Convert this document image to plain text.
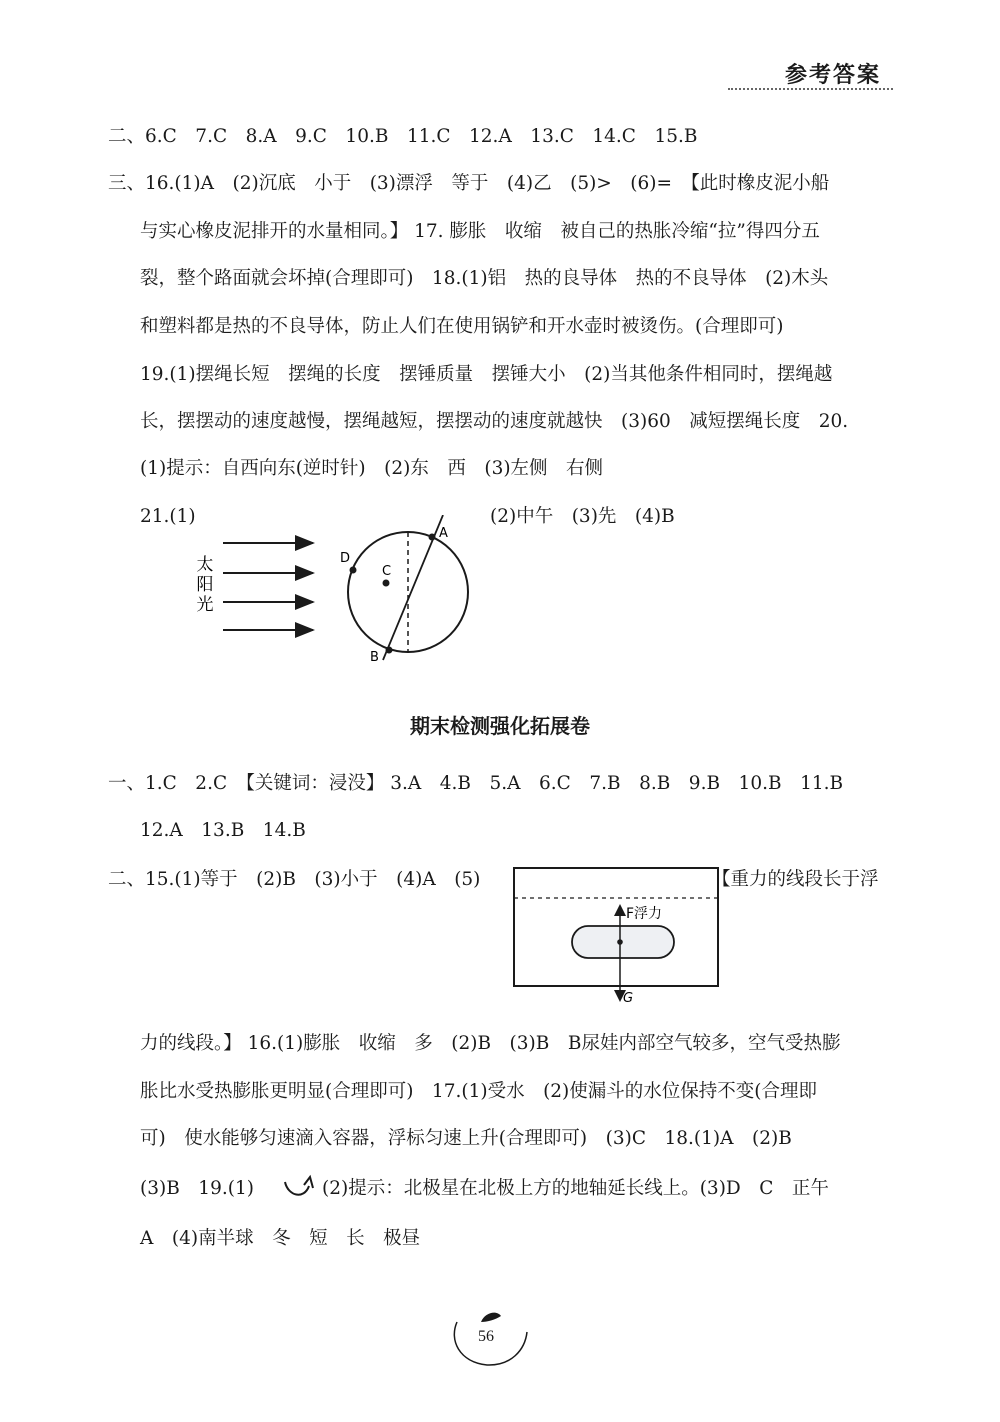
参考答案
二、6.C　7.C　8.A　9.C　10.B　11.C　12.A　13.C　14.C　15.B
三、16.(1)A　(2)沉底　小于　(3)漂浮　等于　(4)乙　(5)>　(6)=　【此时橡皮泥小船
与实心橡皮泥排开的水量相同。】 17. 膨胀　收缩　被自己的热胀冷缩“拉”得四分五
裂，整个路面就会坏掉(合理即可)　18.(1)铝　热的良导体　热的不良导体　(2)木头
和塑料都是热的不良导体，防止人们在使用锅铲和开水壶时被烫伤。(合理即可)
19.(1)摆绳长短　摆绳的长度　摆锤质量　摆锤大小　(2)当其他条件相同时，摆绳越
长，摆摆动的速度越慢，摆绳越短，摆摆动的速度就越快　(3)60　减短摆绳长度　20.
(1)提示：自西向东(逆时针)　(2)东　西　(3)左侧　右侧
21.(1)	(2)中午　(3)先　(4)B
太
阳
光
A
B
C
D
期末检测强化拓展卷
一、1.C　2.C　【关键词：浸没】 3.A　4.B　5.A　6.C　7.B　8.B　9.B　10.B　11.B
12.A　13.B　14.B
二、15.(1)等于　(2)B　(3)小于　(4)A　(5)	【重力的线段长于浮
F浮力
G
力的线段。】 16.(1)膨胀　收缩　多　(2)B　(3)B　B尿娃内部空气较多，空气受热膨
胀比水受热膨胀更明显(合理即可)　17.(1)受水　(2)使漏斗的水位保持不变(合理即
可)　使水能够匀速滴入容器，浮标匀速上升(合理即可)　(3)C　18.(1)A　(2)B
(3)B　19.(1)	(2)提示：北极星在北极上方的地轴延长线上。(3)D　C　正午
A　(4)南半球　冬　短　长　极昼
56
